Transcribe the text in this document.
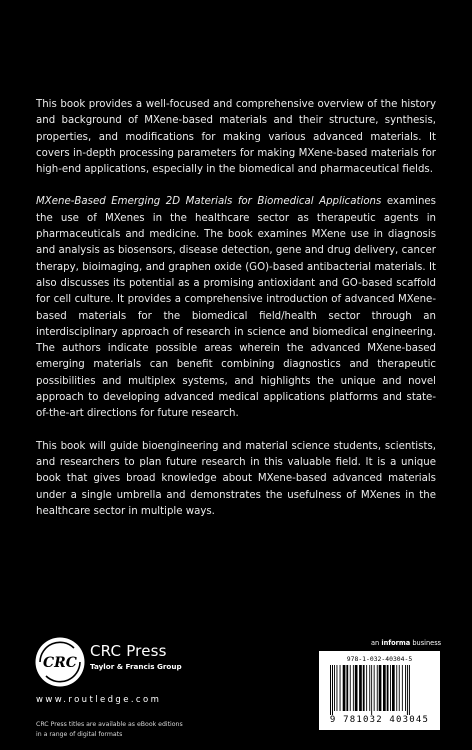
This book provides a well-focused and comprehensive overview of the history and background of MXene-based materials and their structure, synthesis, properties, and modifications for making various advanced materials. It covers in-depth processing parameters for making MXene-based materials for high-end applications, especially in the biomedical and pharmaceutical fields.

MXene-Based Emerging 2D Materials for Biomedical Applications examines the use of MXenes in the healthcare sector as therapeutic agents in pharmaceuticals and medicine. The book examines MXene use in diagnosis and analysis as biosensors, disease detection, gene and drug delivery, cancer therapy, bioimaging, and graphen oxide (GO)-based antibacterial materials. It also discusses its potential as a promising antioxidant and GO-based scaffold for cell culture. It provides a comprehensive introduction of advanced MXene-based materials for the biomedical field/health sector through an interdisciplinary approach of research in science and biomedical engineering. The authors indicate possible areas wherein the advanced MXene-based emerging materials can benefit combining diagnostics and therapeutic possibilities and multiplex systems, and highlights the unique and novel approach to developing advanced medical applications platforms and state-of-the-art directions for future research.

This book will guide bioengineering and material science students, scientists, and researchers to plan future research in this valuable field. It is a unique book that gives broad knowledge about MXene-based advanced materials under a single umbrella and demonstrates the usefulness of MXenes in the healthcare sector in multiple ways.

CRC
CRC Press
Taylor & Francis Group
www.routledge.com
CRC Press titles are available as eBook editions
in a range of digital formats
an informa business
978-1-032-40304-5
9 781032 403045
